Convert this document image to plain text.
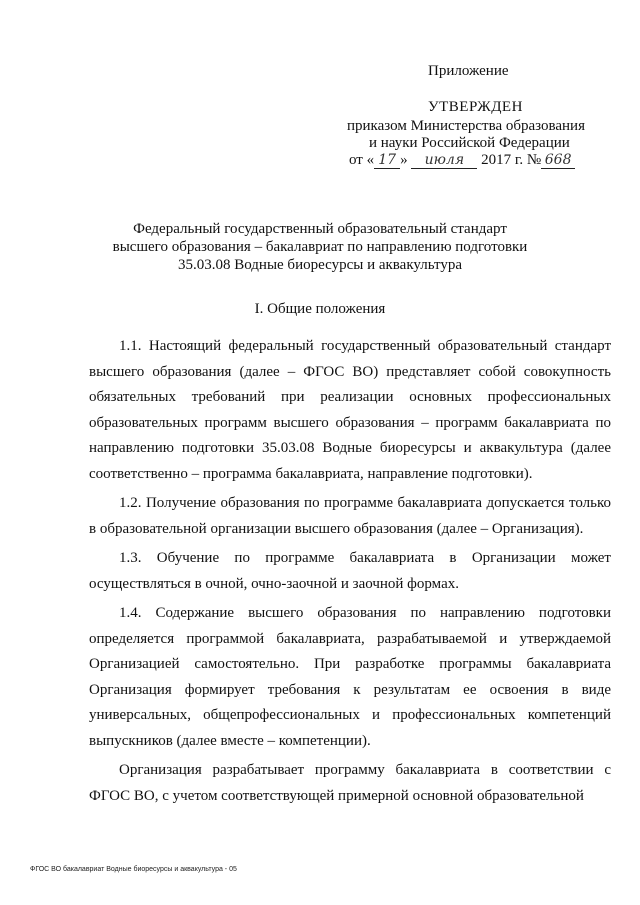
Приложение
УТВЕРЖДЕН
приказом Министерства образования
и науки Российской Федерации
от « 17 » июля 2017 г. № 668
Федеральный государственный образовательный стандарт
высшего образования – бакалавриат по направлению подготовки
35.03.08 Водные биоресурсы и аквакультура
I. Общие положения

1.1. Настоящий федеральный государственный образовательный стандарт высшего образования (далее – ФГОС ВО) представляет собой совокупность обязательных требований при реализации основных профессиональных образовательных программ высшего образования – программ бакалавриата по направлению подготовки 35.03.08 Водные биоресурсы и аквакультура (далее соответственно – программа бакалавриата, направление подготовки).

1.2. Получение образования по программе бакалавриата допускается только в образовательной организации высшего образования (далее – Организация).

1.3. Обучение по программе бакалавриата в Организации может осуществляться в очной, очно-заочной и заочной формах.

1.4. Содержание высшего образования по направлению подготовки определяется программой бакалавриата, разрабатываемой и утверждаемой Организацией самостоятельно. При разработке программы бакалавриата Организация формирует требования к результатам ее освоения в виде универсальных, общепрофессиональных и профессиональных компетенций выпускников (далее вместе – компетенции).

Организация разрабатывает программу бакалавриата в соответствии с ФГОС ВО, с учетом соответствующей примерной основной образовательной

ФГОС ВО бакалавриат Водные биоресурсы и аквакультура - 05
